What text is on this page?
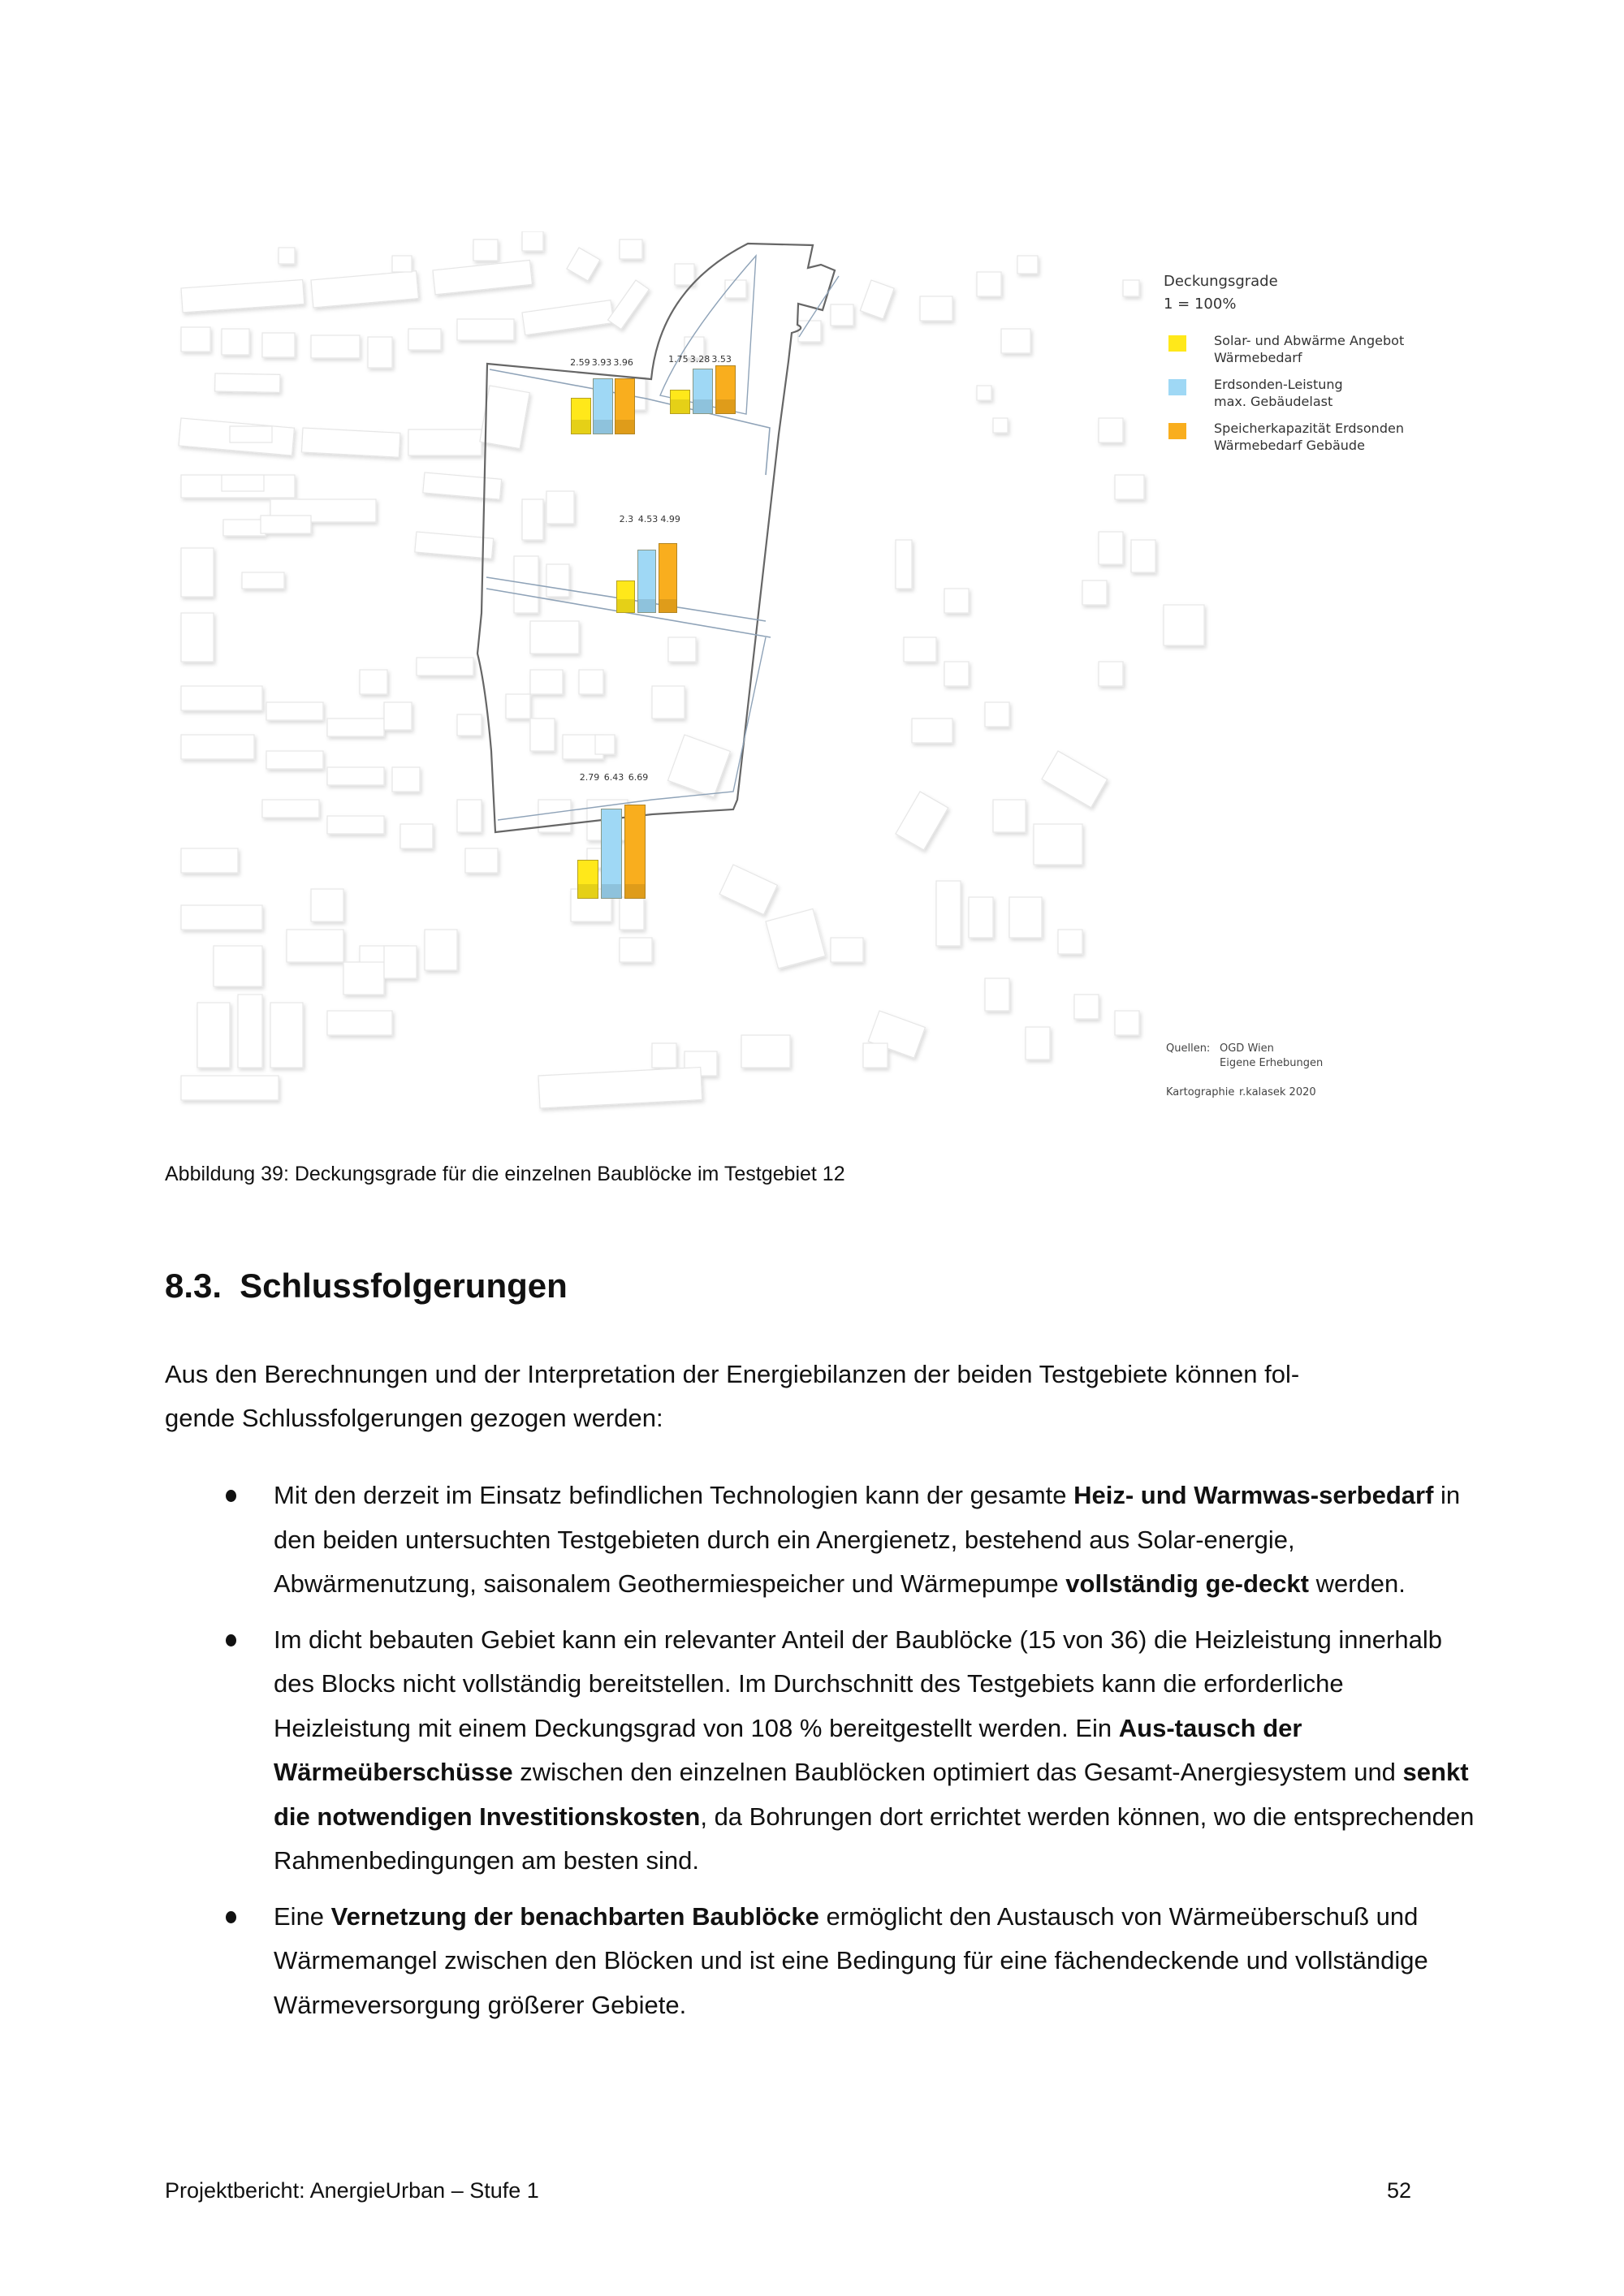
2.59 3.93 3.96	1.75 3.28 3.53
2.3 4.53 4.99
2.79 6.43 6.69
Deckungsgrade
1 = 100%
Solar- und Abwärme Angebot
Wärmebedarf
Erdsonden-Leistung
max. Gebäudelast
Speicherkapazität Erdsonden
Wärmebedarf Gebäude
Quellen: OGD Wien
Eigene Erhebungen
Kartographie r.kalasek 2020
Abbildung 39: Deckungsgrade für die einzelnen Baublöcke im Testgebiet 12
8.3. Schlussfolgerungen
Aus den Berechnungen und der Interpretation der Energiebilanzen der beiden Testgebiete können fol-
gende Schlussfolgerungen gezogen werden:
Mit den derzeit im Einsatz befindlichen Technologien kann der gesamte Heiz- und Warmwas-serbedarf in den beiden untersuchten Testgebieten durch ein Anergienetz, bestehend aus Solar-energie, Abwärmenutzung, saisonalem Geothermiespeicher und Wärmepumpe vollständig ge-deckt werden.
Im dicht bebauten Gebiet kann ein relevanter Anteil der Baublöcke (15 von 36) die Heizleistung innerhalb des Blocks nicht vollständig bereitstellen. Im Durchschnitt des Testgebiets kann die erforderliche Heizleistung mit einem Deckungsgrad von 108 % bereitgestellt werden. Ein Aus-tausch der Wärmeüberschüsse zwischen den einzelnen Baublöcken optimiert das Gesamt-Anergiesystem und senkt die notwendigen Investitionskosten, da Bohrungen dort errichtet werden können, wo die entsprechenden Rahmenbedingungen am besten sind.
Eine Vernetzung der benachbarten Baublöcke ermöglicht den Austausch von Wärmeüberschuß und Wärmemangel zwischen den Blöcken und ist eine Bedingung für eine fächendeckende und vollständige Wärmeversorgung größerer Gebiete.
Projektbericht: AnergieUrban – Stufe 1	52
